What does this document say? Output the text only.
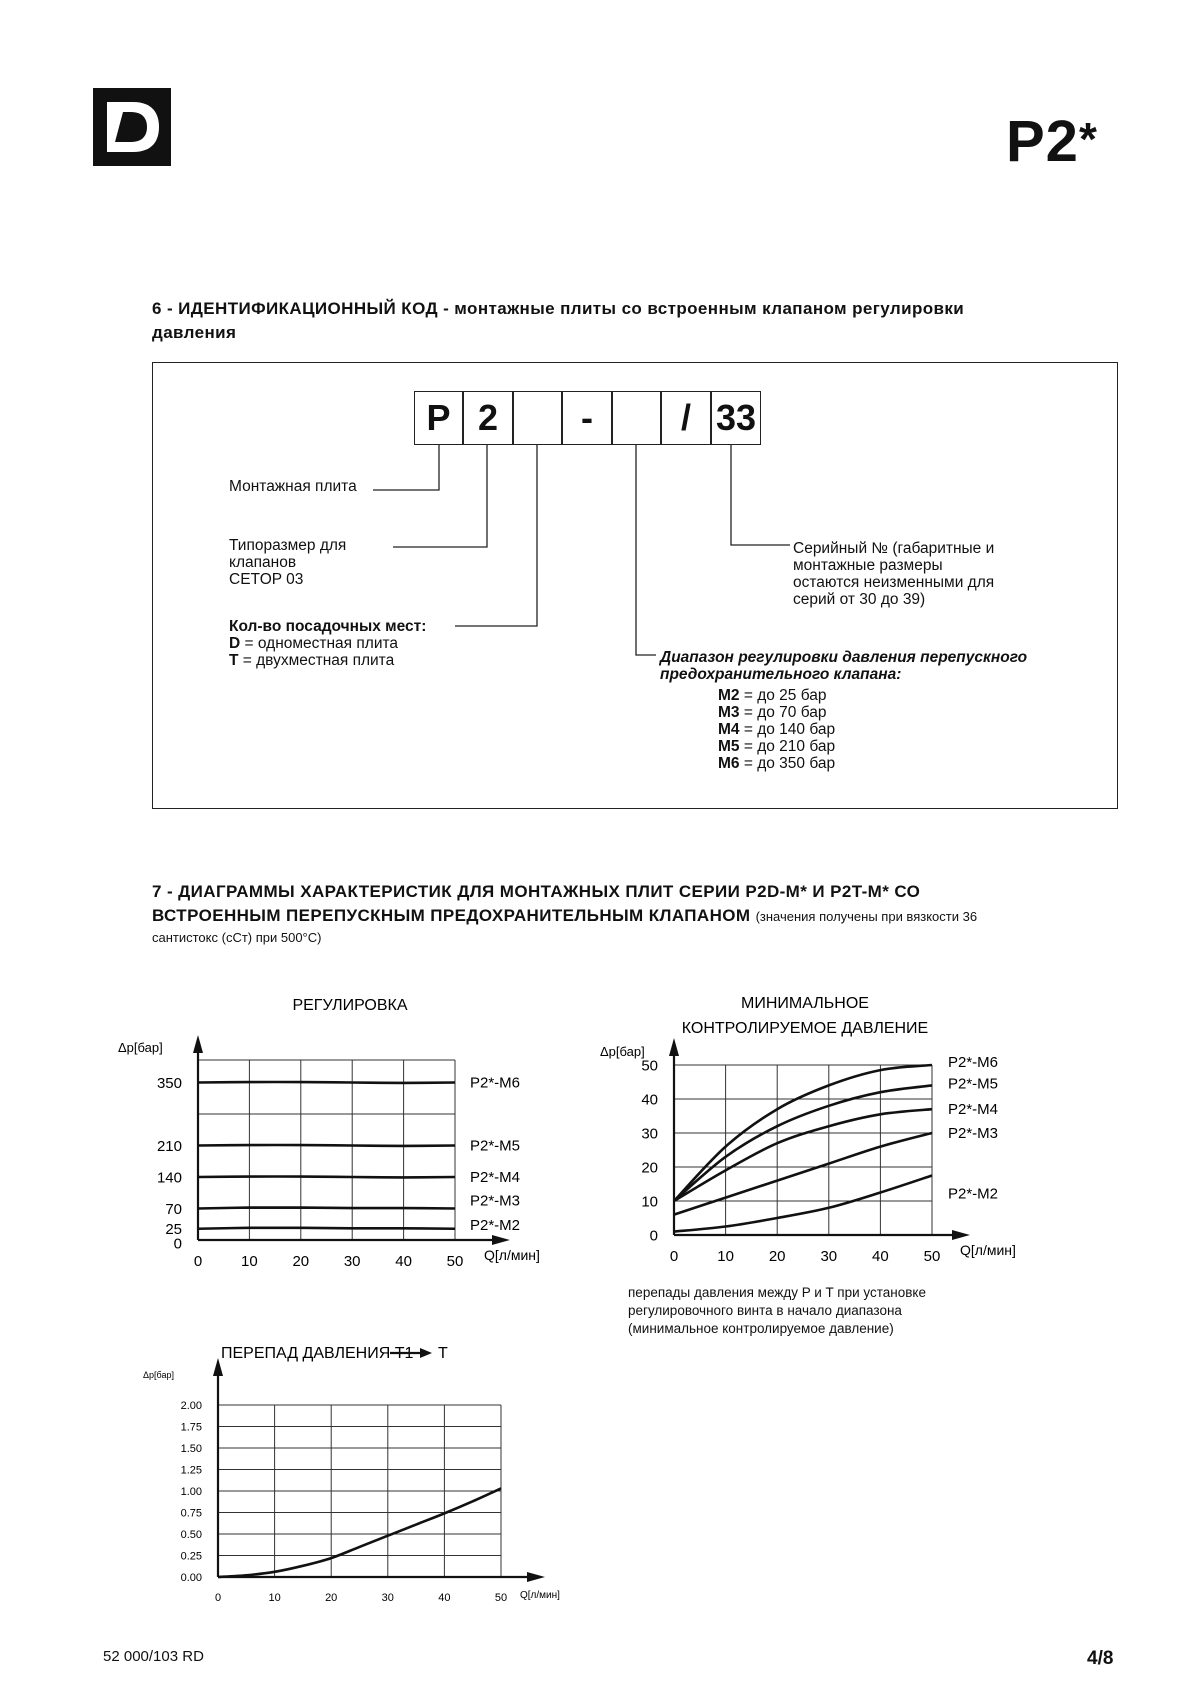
P2*
6 - ИДЕНТИФИКАЦИОННЫЙ КОД - монтажные плиты со встроенным клапаном регулировки
давления
P 2	-	/ 33
Монтажная плита
Типоразмер для
клапанов
CETOP 03
Кол-во посадочных мест:
D = одноместная плита
T = двухместная плита
Серийный № (габаритные и
монтажные размеры
остаются неизменными для
серий от 30 до 39)
Диапазон регулировки давления перепускного
предохранительного клапана:
M2 = до 25 бар
M3 = до 70 бар
M4 = до 140 бар
M5 = до 210 бар
M6 = до 350 бар
7 - ДИАГРАММЫ ХАРАКТЕРИСТИК ДЛЯ МОНТАЖНЫХ ПЛИТ СЕРИИ P2D-M* И P2T-M* СО
ВСТРОЕННЫМ ПЕРЕПУСКНЫМ ПРЕДОХРАНИТЕЛЬНЫМ КЛАПАНОМ (значения получены при вязкости 36
сантистокс (сСт) при 500°C)
РЕГУЛИРОВКА
Δp[бар]
0
25
70
140
210
350
0	10 20 30 40 50 Q[л/мин]
P2*-M6
P2*-M5
P2*-M4
P2*-M3
P2*-M2
МИНИМАЛЬНОЕ
КОНТРОЛИРУЕМОЕ ДАВЛЕНИЕ
Δp[бар]
0
10
20
30
40
50
0	10 20 30 40 50 Q[л/мин]
P2*-M6
P2*-M5
P2*-M4
P2*-M3
P2*-M2
ПЕРЕПАД ДАВЛЕНИЯ T1 T
Δp[бар]
0.00
0.25
0.50
0.75
1.00
1.25
1.50
1.75
2.00
0	10	20	30	40	50 Q[л/мин]
перепады давления между P и T при установке
регулировочного винта в начало диапазона
(минимальное контролируемое давление)
52 000/103 RD	4/8
